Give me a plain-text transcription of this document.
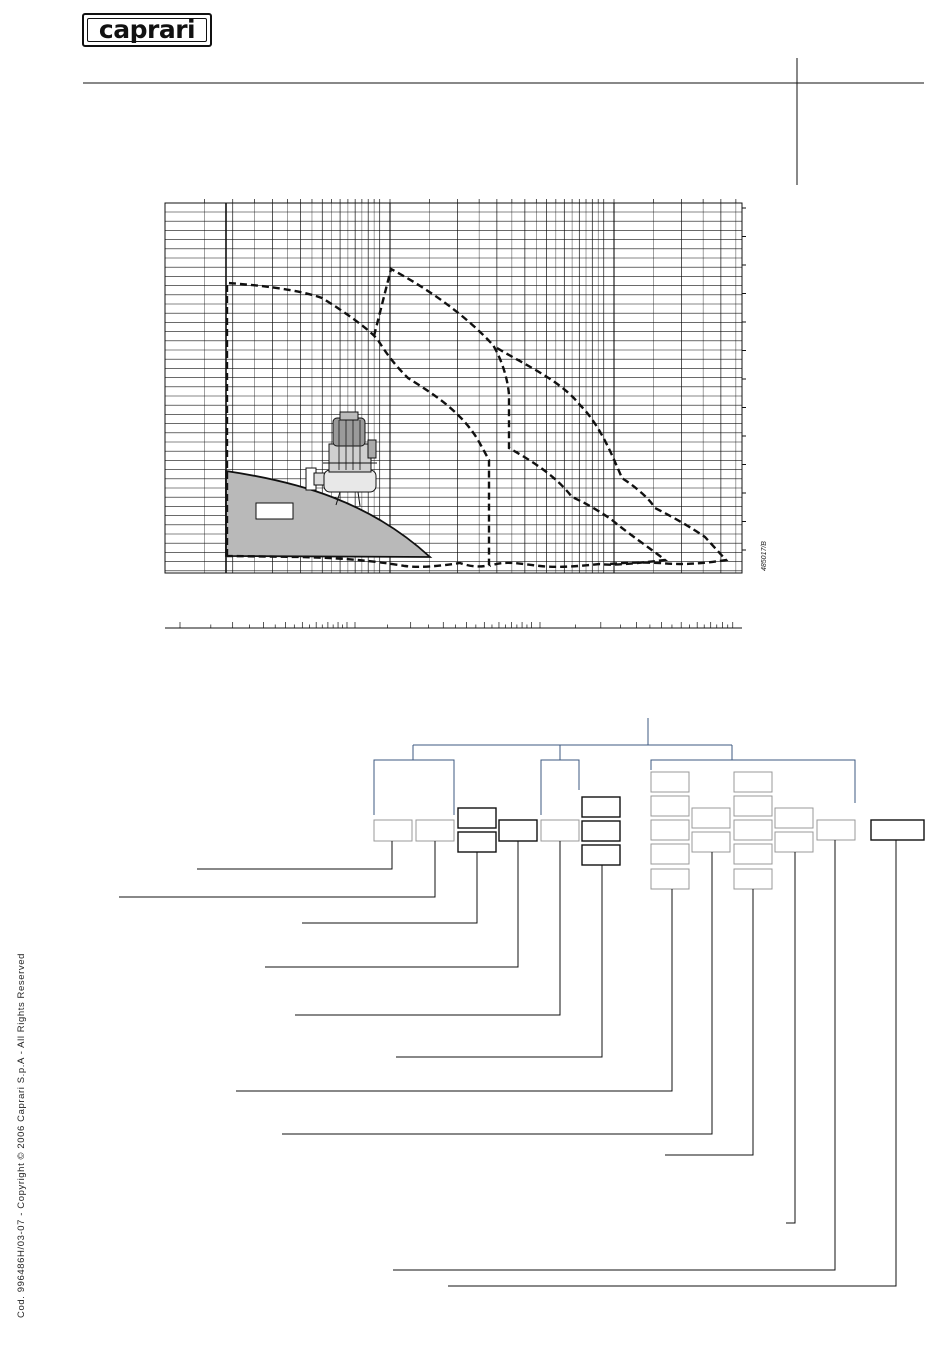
caprari
485017/B
Cod. 996486H/03-07 - Copyright © 2006 Caprari S.p.A - All Rights Reserved
